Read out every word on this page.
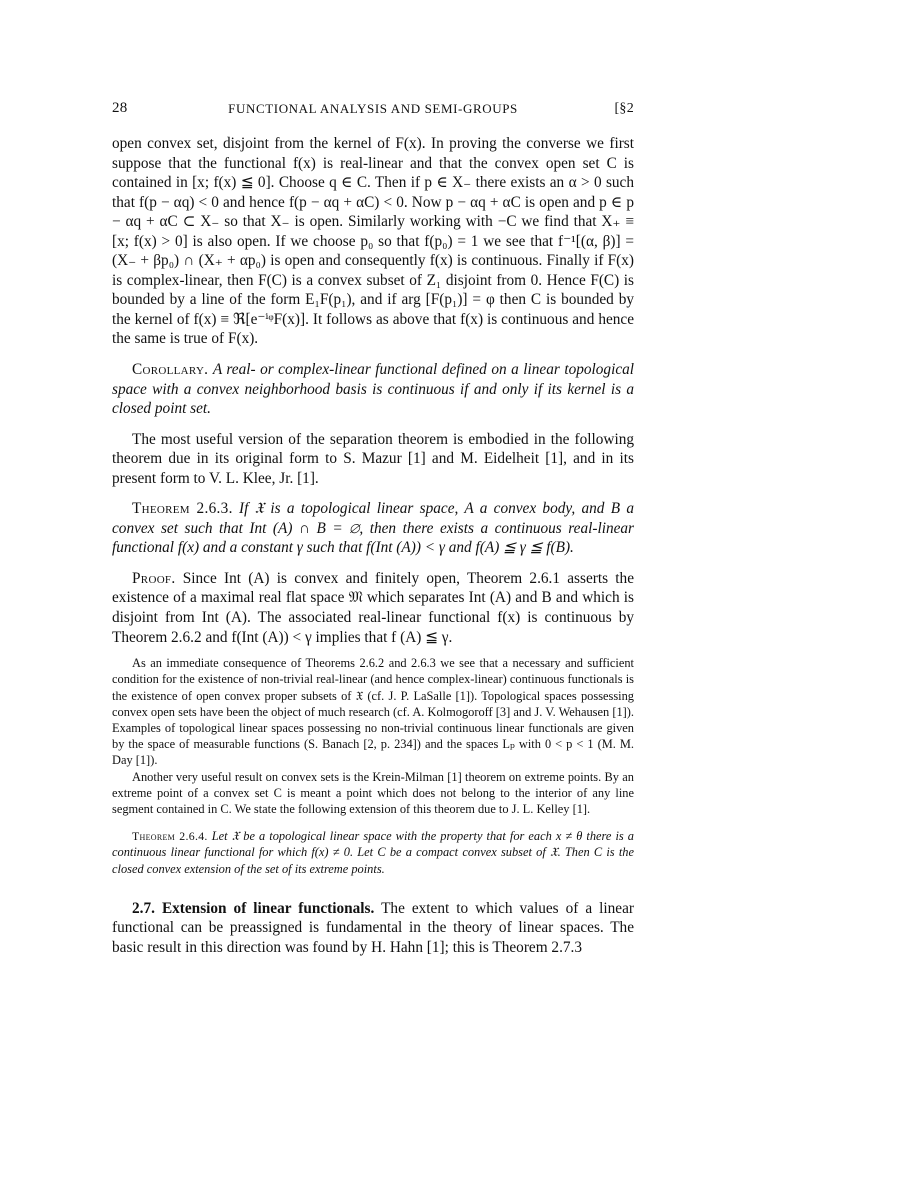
28	FUNCTIONAL ANALYSIS AND SEMI-GROUPS	[§2

open convex set, disjoint from the kernel of F(x). In proving the converse we first suppose that the functional f(x) is real-linear and that the convex open set C is contained in [x; f(x) ≦ 0]. Choose q ∈ C. Then if p ∈ X₋ there exists an α > 0 such that f(p − αq) < 0 and hence f(p − αq + αC) < 0. Now p − αq + αC is open and p ∈ p − αq + αC ⊂ X₋ so that X₋ is open. Similarly working with −C we find that X₊ ≡ [x; f(x) > 0] is also open. If we choose p₀ so that f(p₀) = 1 we see that f⁻¹[(α, β)] = (X₋ + βp₀) ∩ (X₊ + αp₀) is open and consequently f(x) is continuous. Finally if F(x) is complex-linear, then F(C) is a convex subset of Z₁ disjoint from 0. Hence F(C) is bounded by a line of the form E₁F(p₁), and if arg [F(p₁)] = φ then C is bounded by the kernel of f(x) ≡ ℜ[e⁻ⁱᵠF(x)]. It follows as above that f(x) is continuous and hence the same is true of F(x).

Corollary. A real- or complex-linear functional defined on a linear topological space with a convex neighborhood basis is continuous if and only if its kernel is a closed point set.

The most useful version of the separation theorem is embodied in the following theorem due in its original form to S. Mazur [1] and M. Eidelheit [1], and in its present form to V. L. Klee, Jr. [1].

Theorem 2.6.3. If 𝔛 is a topological linear space, A a convex body, and B a convex set such that Int (A) ∩ B = ∅, then there exists a continuous real-linear functional f(x) and a constant γ such that f(Int (A)) < γ and f(A) ≦ γ ≦ f(B).

Proof. Since Int (A) is convex and finitely open, Theorem 2.6.1 asserts the existence of a maximal real flat space 𝔐 which separates Int (A) and B and which is disjoint from Int (A). The associated real-linear functional f(x) is continuous by Theorem 2.6.2 and f(Int (A)) < γ implies that f (A) ≦ γ.

As an immediate consequence of Theorems 2.6.2 and 2.6.3 we see that a necessary and sufficient condition for the existence of non-trivial real-linear (and hence complex-linear) continuous functionals is the existence of open convex proper subsets of 𝔛 (cf. J. P. LaSalle [1]). Topological spaces possessing convex open sets have been the object of much research (cf. A. Kolmogoroff [3] and J. V. Wehausen [1]). Examples of topological linear spaces possessing no non-trivial continuous linear functionals are given by the space of measurable functions (S. Banach [2, p. 234]) and the spaces Lₚ with 0 < p < 1 (M. M. Day [1]).

Another very useful result on convex sets is the Krein-Milman [1] theorem on extreme points. By an extreme point of a convex set C is meant a point which does not belong to the interior of any line segment contained in C. We state the following extension of this theorem due to J. L. Kelley [1].

Theorem 2.6.4. Let 𝔛 be a topological linear space with the property that for each x ≠ θ there is a continuous linear functional for which f(x) ≠ 0. Let C be a compact convex subset of 𝔛. Then C is the closed convex extension of the set of its extreme points.

2.7. Extension of linear functionals. The extent to which values of a linear functional can be preassigned is fundamental in the theory of linear spaces. The basic result in this direction was found by H. Hahn [1]; this is Theorem 2.7.3
